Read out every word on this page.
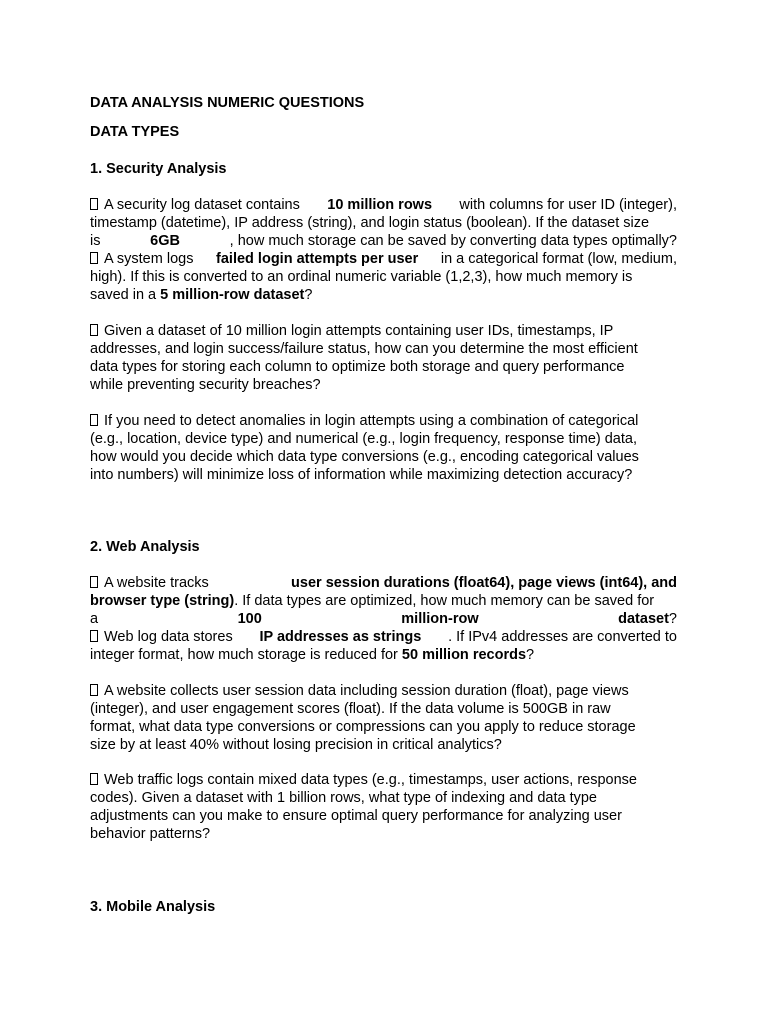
DATA ANALYSIS NUMERIC QUESTIONS
DATA TYPES
1. Security Analysis
A security log dataset contains 10 million rows with columns for user ID (integer),
timestamp (datetime), IP address (string), and login status (boolean). If the dataset size
is	6GB	, how much storage can be saved by converting data types optimally?
A system logs failed login attempts per user in a categorical format (low, medium,
high). If this is converted to an ordinal numeric variable (1,2,3), how much memory is
saved in a 5 million-row dataset?
Given a dataset of 10 million login attempts containing user IDs, timestamps, IP
addresses, and login success/failure status, how can you determine the most efficient
data types for storing each column to optimize both storage and query performance
while preventing security breaches?
If you need to detect anomalies in login attempts using a combination of categorical
(e.g., location, device type) and numerical (e.g., login frequency, response time) data,
how would you decide which data type conversions (e.g., encoding categorical values
into numbers) will minimize loss of information while maximizing detection accuracy?
2. Web Analysis
A website tracks	user session durations (float64), page views (int64), and
browser type (string). If data types are optimized, how much memory can be saved for
a	100	million-row	dataset?
Web log data stores IP addresses as strings . If IPv4 addresses are converted to
integer format, how much storage is reduced for 50 million records?
A website collects user session data including session duration (float), page views
(integer), and user engagement scores (float). If the data volume is 500GB in raw
format, what data type conversions or compressions can you apply to reduce storage
size by at least 40% without losing precision in critical analytics?
Web traffic logs contain mixed data types (e.g., timestamps, user actions, response
codes). Given a dataset with 1 billion rows, what type of indexing and data type
adjustments can you make to ensure optimal query performance for analyzing user
behavior patterns?
3. Mobile Analysis
